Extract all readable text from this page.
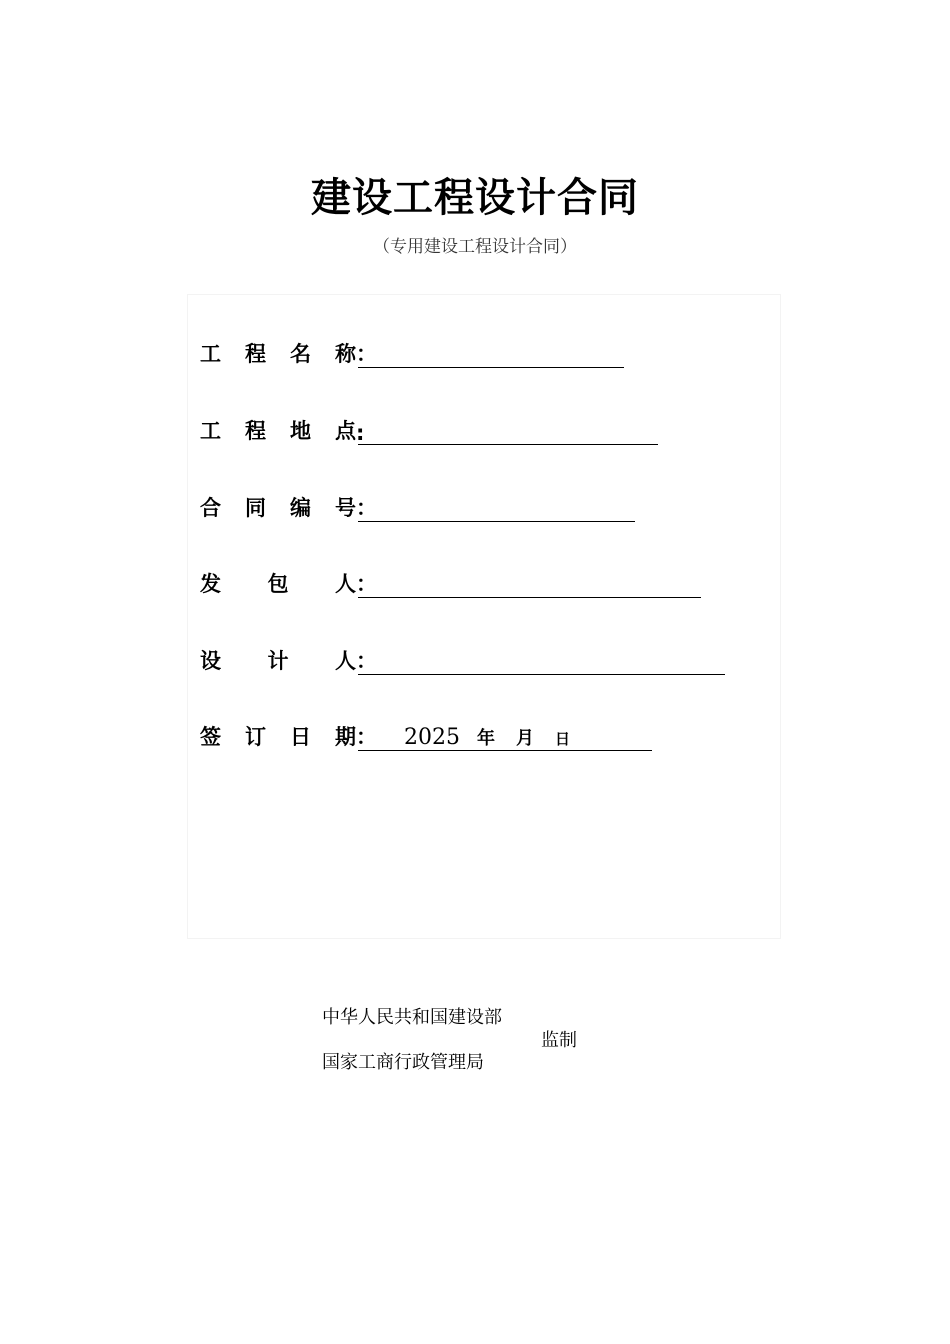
建设工程设计合同
（专用建设工程设计合同）
工 程 名 称 ：
工 程 地 点 :
合 同 编 号 ：
发 包 人 ：
设 计 人 ：
签 订 日 期 ：	2025 年 月 日
中华人民共和国建设部
监制
国家工商行政管理局
